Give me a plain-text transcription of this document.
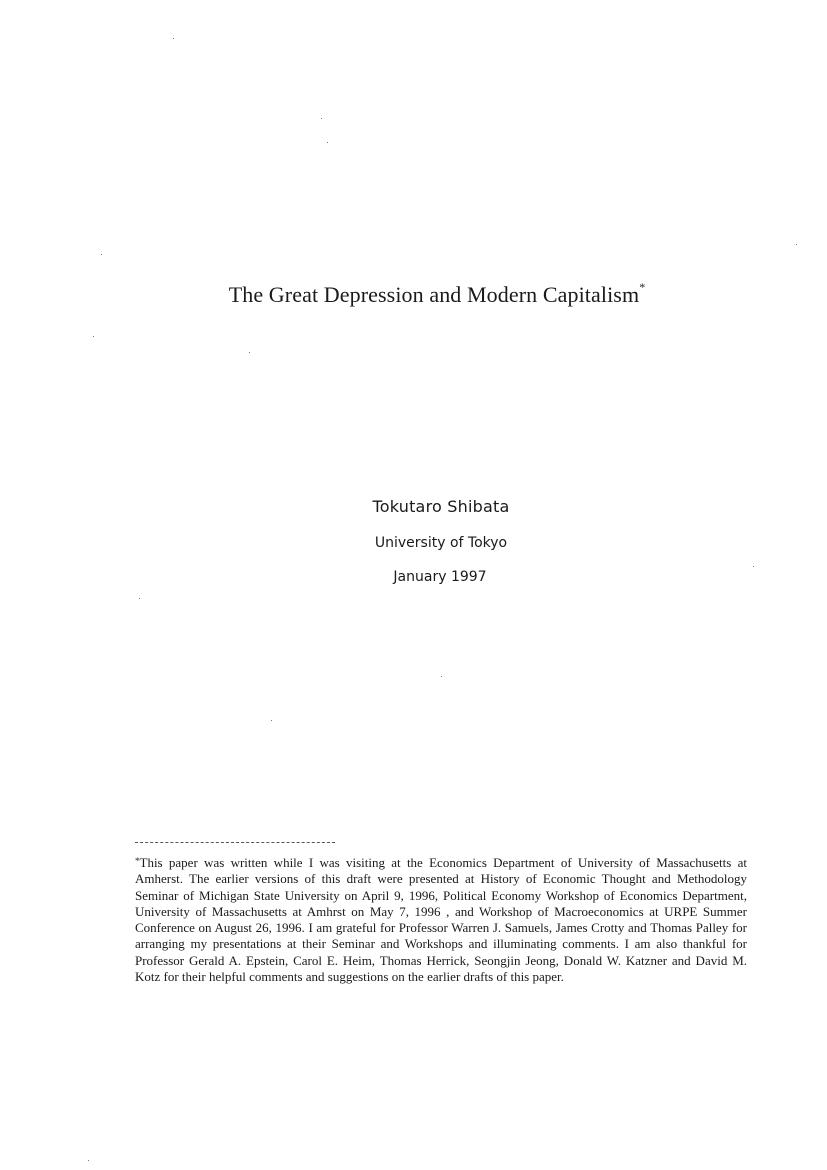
The Great Depression and Modern Capitalism*
Tokutaro Shibata
University of Tokyo
January 1997
*This paper was written while I was visiting at the Economics Department of University of Massachusetts at Amherst. The earlier versions of this draft were presented at History of Economic Thought and Methodology Seminar of Michigan State University on April 9, 1996, Political Economy Workshop of Economics Department, University of Massachusetts at Amhrst on May 7, 1996 , and Workshop of Macroeconomics at URPE Summer Conference on August 26, 1996. I am grateful for Professor Warren J. Samuels, James Crotty and Thomas Palley for arranging my presentations at their Seminar and Workshops and illuminating comments. I am also thankful for Professor Gerald A. Epstein, Carol E. Heim, Thomas Herrick, Seongjin Jeong, Donald W. Katzner and David M. Kotz for their helpful comments and suggestions on the earlier drafts of this paper.
